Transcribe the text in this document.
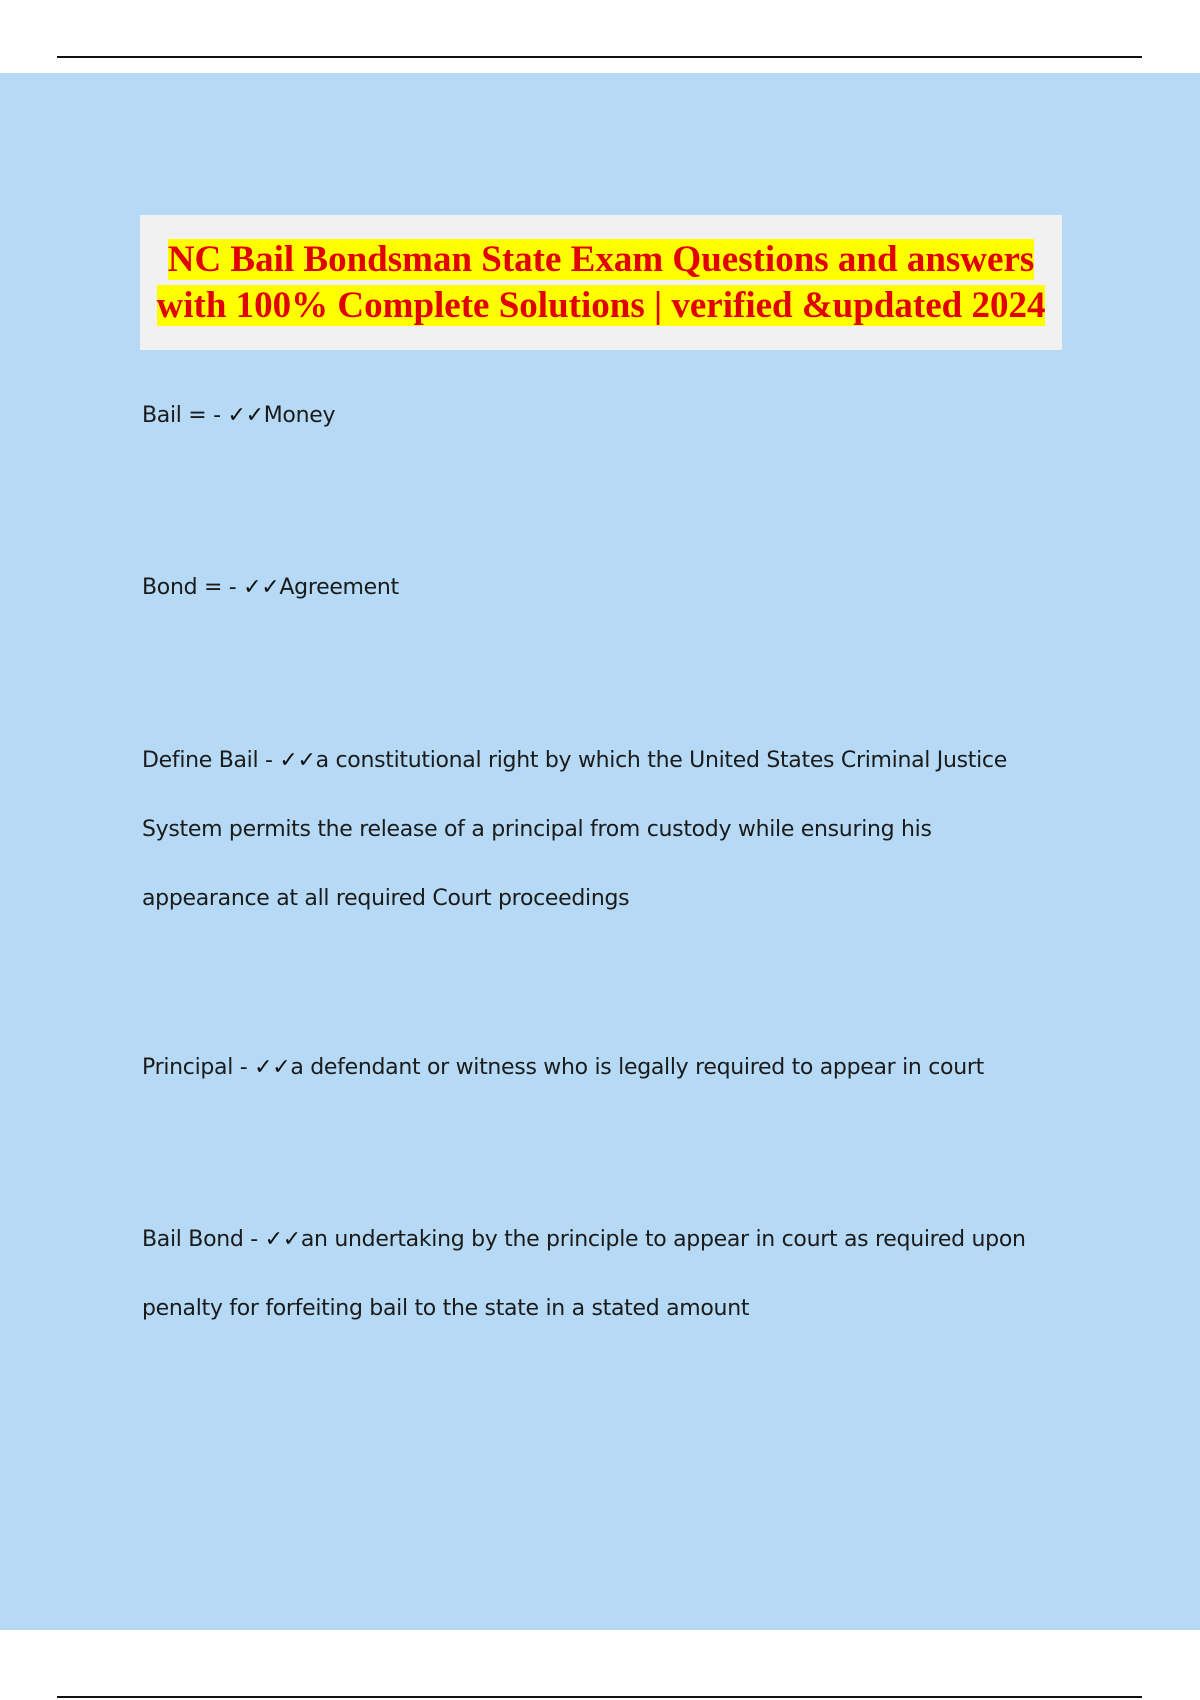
NC Bail Bondsman State Exam Questions and answers with 100% Complete Solutions | verified &updated 2024

Bail = - ✓✓Money

Bond = - ✓✓Agreement

Define Bail - ✓✓a constitutional right by which the United States Criminal Justice System permits the release of a principal from custody while ensuring his appearance at all required Court proceedings

Principal - ✓✓a defendant or witness who is legally required to appear in court

Bail Bond - ✓✓an undertaking by the principle to appear in court as required upon penalty for forfeiting bail to the state in a stated amount
